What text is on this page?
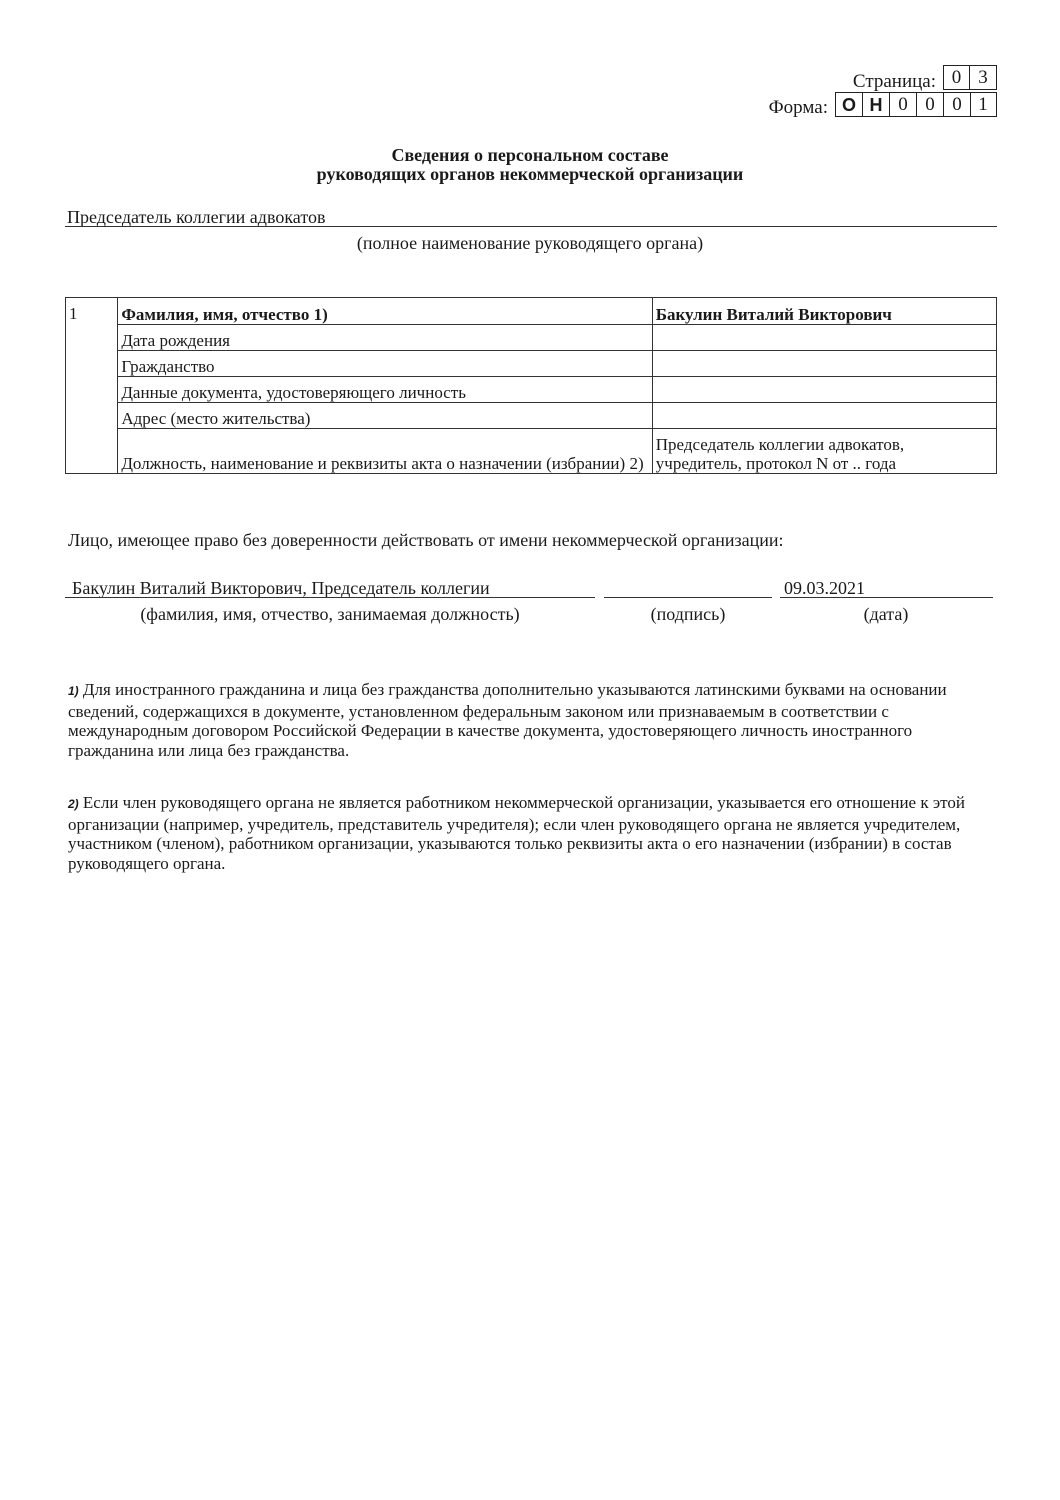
Страница: 0 3
Форма: О Н 0 0 0 1
Сведения о персональном составе
руководящих органов некоммерческой организации
Председатель коллегии адвокатов
(полное наименование руководящего органа)
1	Фамилия, имя, отчество 1)	Бакулин Виталий Викторович
	Дата рождения	
	Гражданство	
	Данные документа, удостоверяющего личность	
	Адрес (место жительства)	
	Должность, наименование и реквизиты акта о назначении (избрании) 2)	Председатель коллегии адвокатов, учредитель, протокол N от .. года
Лицо, имеющее право без доверенности действовать от имени некоммерческой организации:
Бакулин Виталий Викторович, Председатель коллегии	09.03.2021
(фамилия, имя, отчество, занимаемая должность)	(подпись)	(дата)
1) Для иностранного гражданина и лица без гражданства дополнительно указываются латинскими буквами на основании сведений, содержащихся в документе, установленном федеральным законом или признаваемым в соответствии с международным договором Российской Федерации в качестве документа, удостоверяющего личность иностранного гражданина или лица без гражданства.
2) Если член руководящего органа не является работником некоммерческой организации, указывается его отношение к этой организации (например, учредитель, представитель учредителя); если член руководящего органа не является учредителем, участником (членом), работником организации, указываются только реквизиты акта о его назначении (избрании) в состав руководящего органа.
